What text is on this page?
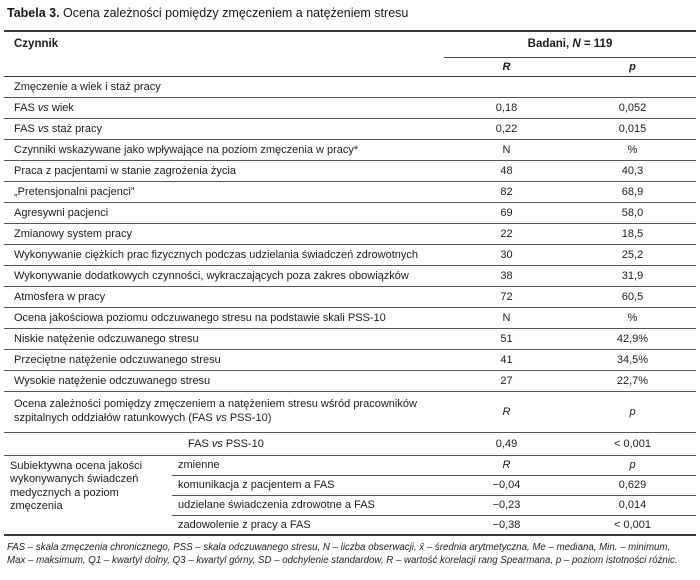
Tabela 3. Ocena zależności pomiędzy zmęczeniem a natężeniem stresu
Czynnik		Badani, N = 119	
		R	p
Zmęczenie a wiek i staż pracy			
FAS vs wiek		0,18	0,052
FAS vs staż pracy		0,22	0,015
Czynniki wskazywane jako wpływające na poziom zmęczenia w pracy*		N	%
Praca z pacjentami w stanie zagrożenia życia		48	40,3
„Pretensjonalni pacjenci”		82	68,9
Agresywni pacjenci		69	58,0
Zmianowy system pracy		22	18,5
Wykonywanie ciężkich prac fizycznych podczas udzielania świadczeń zdrowotnych		30	25,2
Wykonywanie dodatkowych czynności, wykraczających poza zakres obowiązków		38	31,9
Atmosfera w pracy		72	60,5
Ocena jakościowa poziomu odczuwanego stresu na podstawie skali PSS-10		N	%
Niskie natężenie odczuwanego stresu		51	42,9%
Przeciętne natężenie odczuwanego stresu		41	34,5%
Wysokie natężenie odczuwanego stresu		27	22,7%

Ocena zależności pomiędzy zmęczeniem a natężeniem stresu wśród pracowników
szpitalnych oddziałów ratunkowych (FAS vs PSS-10)		R	p
	FAS vs PSS-10	0,49	< 0,001
Subiektywna ocena jakości wykonywanych świadczeń medycznych a poziom zmęczenia	zmienne	R	p
	komunikacja z pacjentem a FAS	−0,04	0,629
	udzielane świadczenia zdrowotne a FAS	−0,23	0,014
	zadowolenie z pracy a FAS	−0,38	< 0,001
FAS – skala zmęczenia chronicznego, PSS – skala odczuwanego stresu, N – liczba obserwacji, x̄ – średnia arytmetyczna, Me – mediana, Min. – minimum,
Max – maksimum, Q1 – kwartyl dolny, Q3 – kwartyl górny, SD – odchylenie standardow, R – wartość korelacji rang Spearmana, p – poziom istotności różnic.
